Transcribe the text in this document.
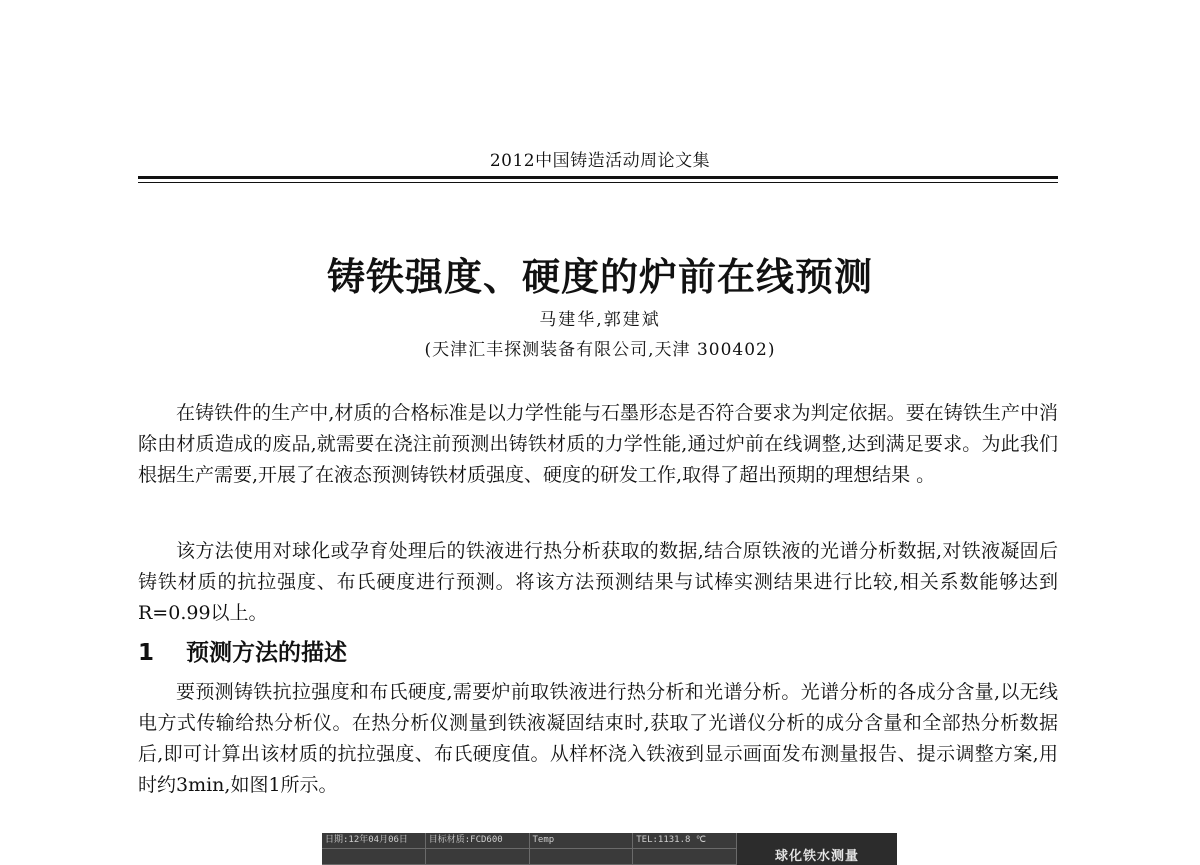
2012中国铸造活动周论文集
铸铁强度、硬度的炉前在线预测
马建华,郭建斌
(天津汇丰探测装备有限公司,天津 300402)
在铸铁件的生产中,材质的合格标准是以力学性能与石墨形态是否符合要求为判定依据。要在铸铁生产中消除由材质造成的废品,就需要在浇注前预测出铸铁材质的力学性能,通过炉前在线调整,达到满足要求。为此我们根据生产需要,开展了在液态预测铸铁材质强度、硬度的研发工作,取得了超出预期的理想结果 。
该方法使用对球化或孕育处理后的铁液进行热分析获取的数据,结合原铁液的光谱分析数据,对铁液凝固后铸铁材质的抗拉强度、布氏硬度进行预测。将该方法预测结果与试棒实测结果进行比较,相关系数能够达到R=0.99以上。
1 预测方法的描述
要预测铸铁抗拉强度和布氏硬度,需要炉前取铁液进行热分析和光谱分析。光谱分析的各成分含量,以无线电方式传输给热分析仪。在热分析仪测量到铁液凝固结束时,获取了光谱仪分析的成分含量和全部热分析数据后,即可计算出该材质的抗拉强度、布氏硬度值。从样杯浇入铁液到显示画面发布测量报告、提示调整方案,用时约3min,如图1所示。
日期:12年04月06日	目标材质:FCD600	Temp	TEL:1131.8 ℃
球化铁水测量
